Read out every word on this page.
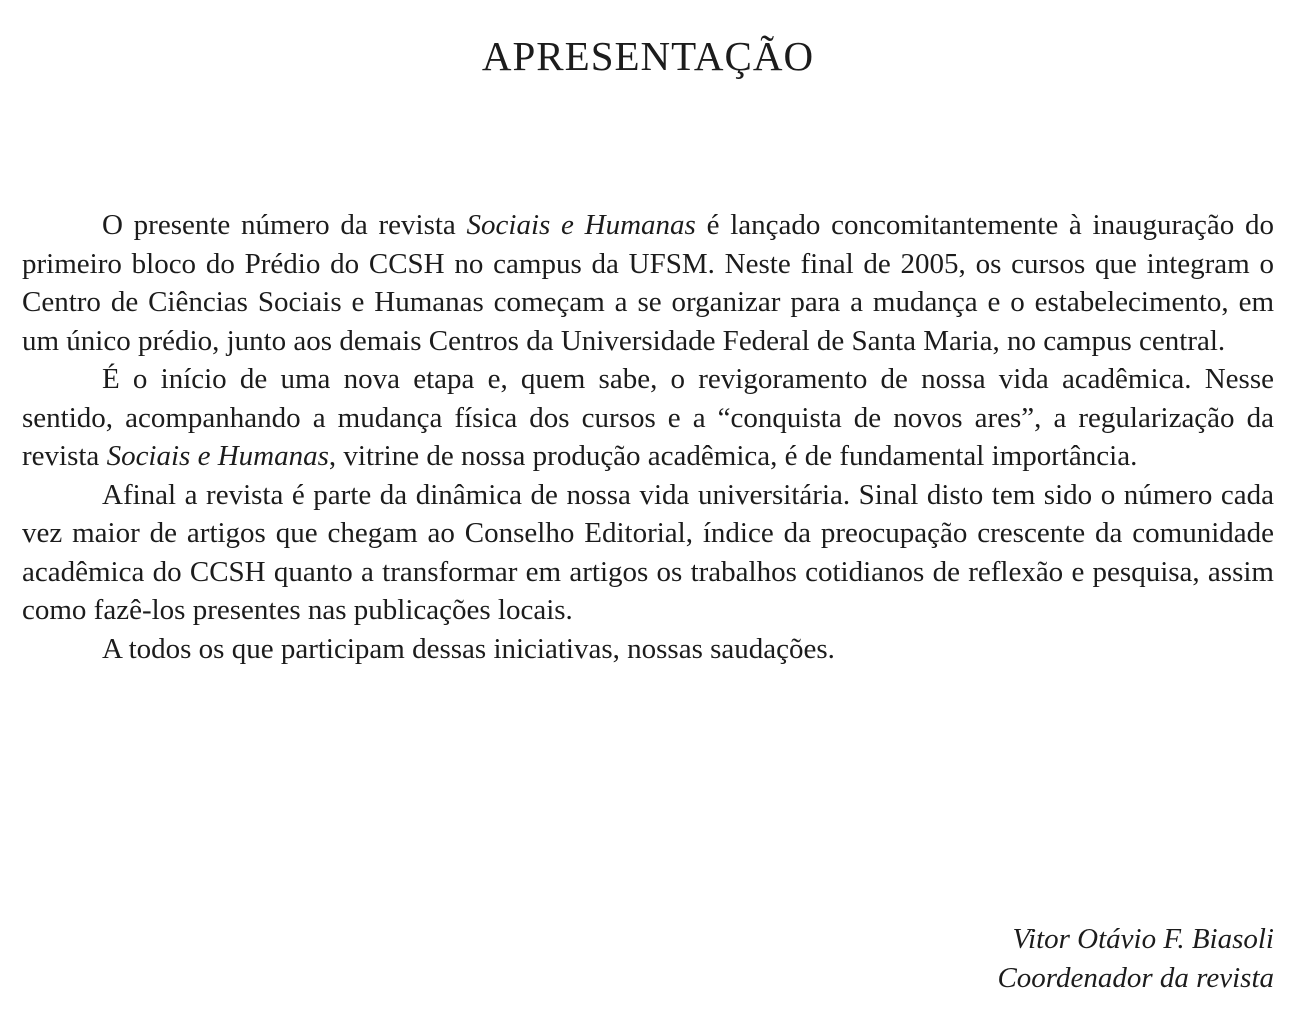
APRESENTAÇÃO

O presente número da revista Sociais e Humanas é lançado concomitantemente à inauguração do primeiro bloco do Prédio do CCSH no campus da UFSM. Neste final de 2005, os cursos que integram o Centro de Ciências Sociais e Humanas começam a se organizar para a mudança e o estabelecimento, em um único prédio, junto aos demais Centros da Universidade Federal de Santa Maria, no campus central.

É o início de uma nova etapa e, quem sabe, o revigoramento de nossa vida acadêmica. Nesse sentido, acompanhando a mudança física dos cursos e a “conquista de novos ares”, a regularização da revista Sociais e Humanas, vitrine de nossa produção acadêmica, é de fundamental importância.

Afinal a revista é parte da dinâmica de nossa vida universitária. Sinal disto tem sido o número cada vez maior de artigos que chegam ao Conselho Editorial, índice da preocupação crescente da comunidade acadêmica do CCSH quanto a transformar em artigos os trabalhos cotidianos de reflexão e pesquisa, assim como fazê-los presentes nas publicações locais.

A todos os que participam dessas iniciativas, nossas saudações.

Vitor Otávio F. Biasoli
Coordenador da revista
